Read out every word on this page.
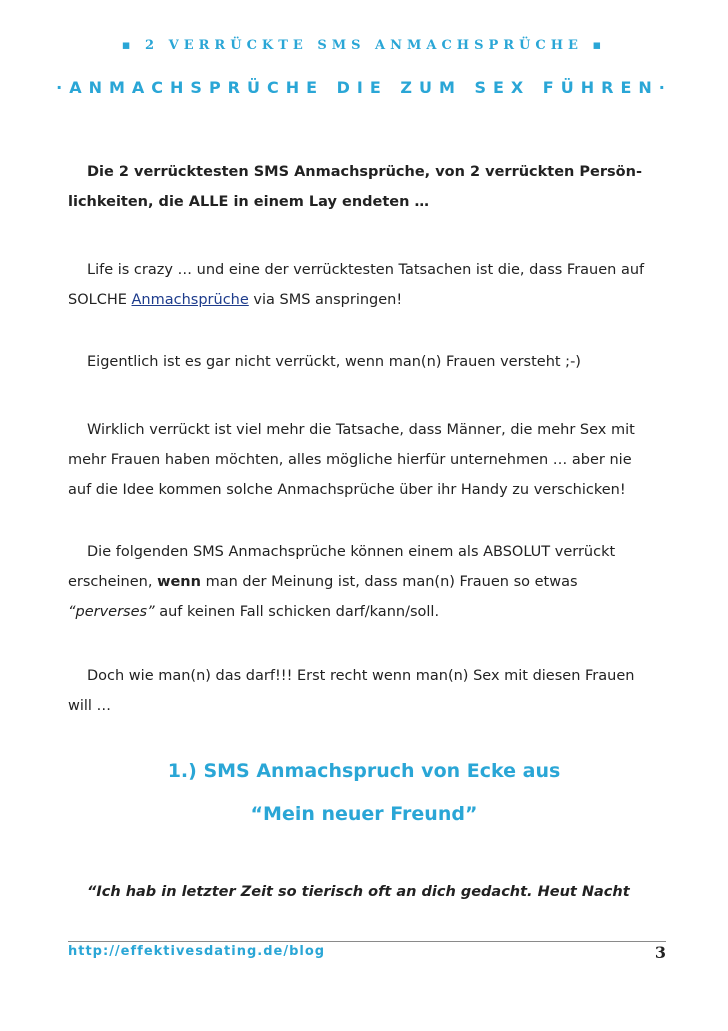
▪ 2 VERRÜCKTE SMS ANMACHSPRÜCHE ▪
·ANMACHSPRÜCHE DIE ZUM SEX FÜHREN·
Die 2 verrücktesten SMS Anmachsprüche, von 2 verrückten Persön-
lichkeiten, die ALLE in einem Lay endeten …
Life is crazy … und eine der verrücktesten Tatsachen ist die, dass Frauen auf
SOLCHE Anmachsprüche via SMS anspringen!
Eigentlich ist es gar nicht verrückt, wenn man(n) Frauen versteht ;-)
Wirklich verrückt ist viel mehr die Tatsache, dass Männer, die mehr Sex mit
mehr Frauen haben möchten, alles mögliche hierfür unternehmen … aber nie
auf die Idee kommen solche Anmachsprüche über ihr Handy zu verschicken!
Die folgenden SMS Anmachsprüche können einem als ABSOLUT verrückt
erscheinen, wenn man der Meinung ist, dass man(n) Frauen so etwas
“perverses” auf keinen Fall schicken darf/kann/soll.
Doch wie man(n) das darf!!! Erst recht wenn man(n) Sex mit diesen Frauen
will …
1.) SMS Anmachspruch von Ecke aus
“Mein neuer Freund”
“Ich hab in letzter Zeit so tierisch oft an dich gedacht. Heut Nacht
http://effektivesdating.de/blog	3
